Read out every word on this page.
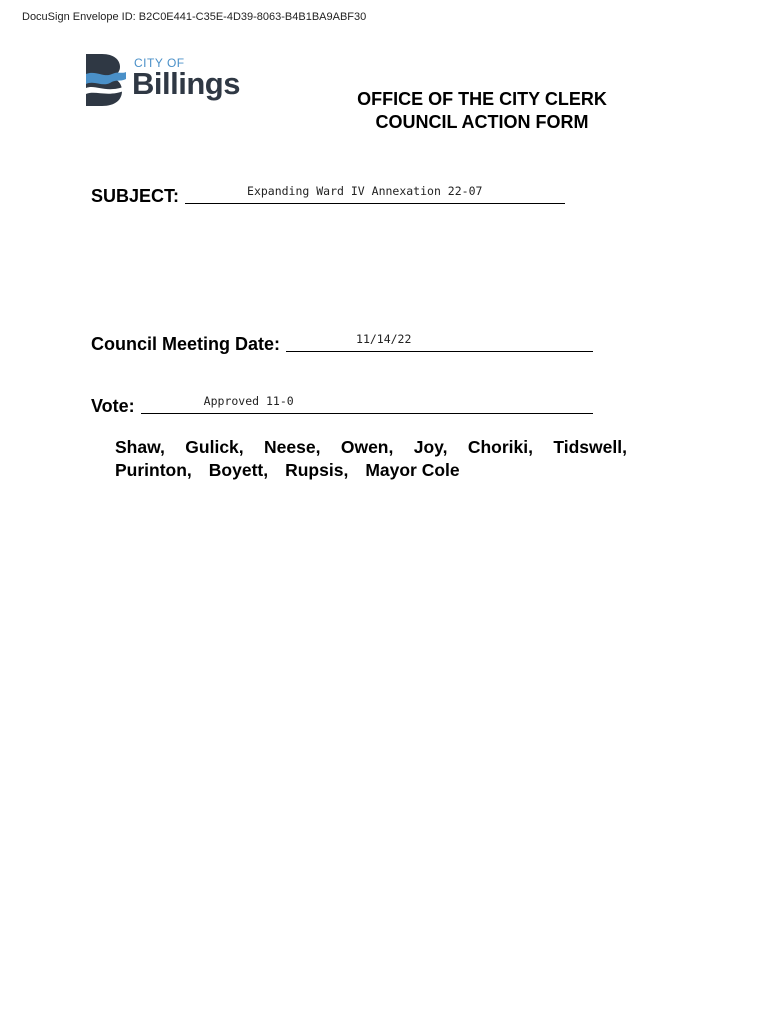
DocuSign Envelope ID: B2C0E441-C35E-4D39-8063-B4B1BA9ABF30
CITY OF
Billings	OFFICE OF THE CITY CLERK
COUNCIL ACTION FORM
SUBJECT:	Expanding Ward IV Annexation 22-07
Council Meeting Date:	11/14/22
Vote:	Approved 11-0
Shaw, Gulick, Neese, Owen, Joy, Choriki, Tidswell,
Purinton, Boyett, Rupsis, Mayor Cole
